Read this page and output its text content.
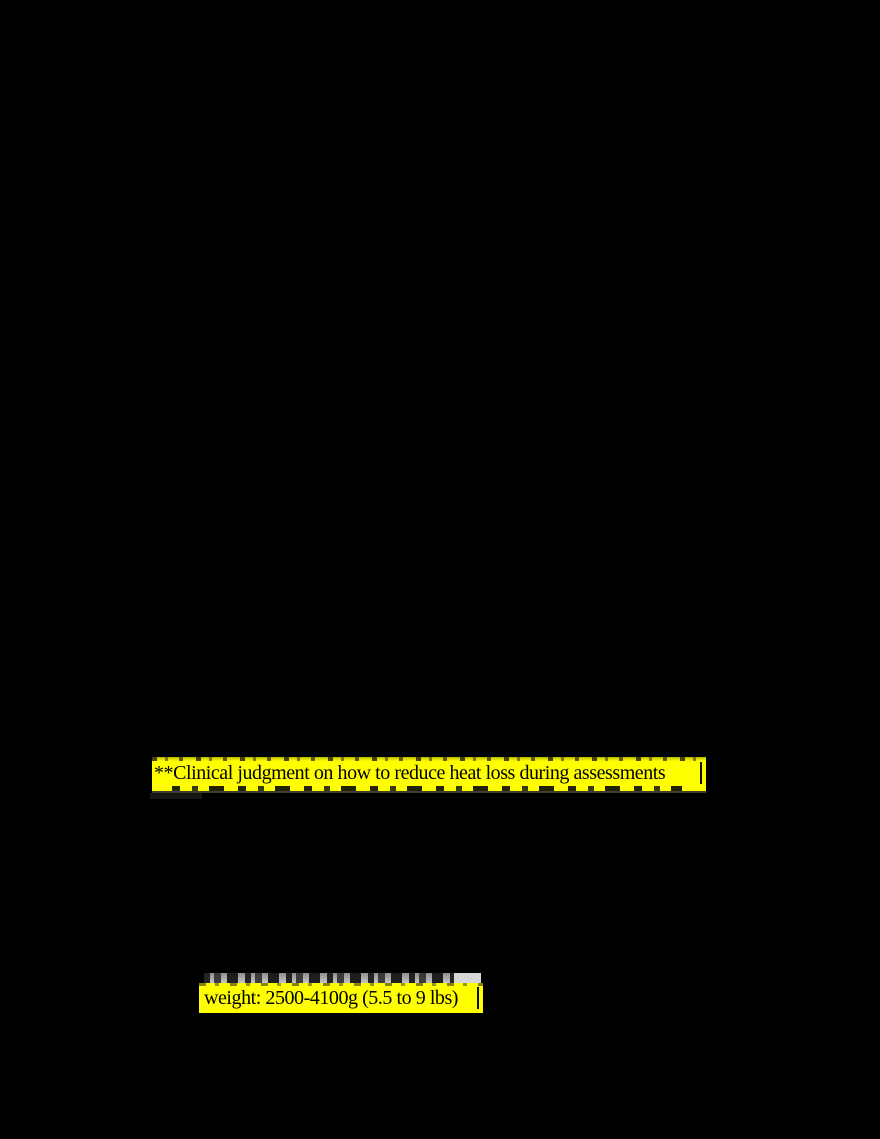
**Clinical judgment on how to reduce heat loss during assessments
weight: 2500-4100g (5.5 to 9 lbs)
